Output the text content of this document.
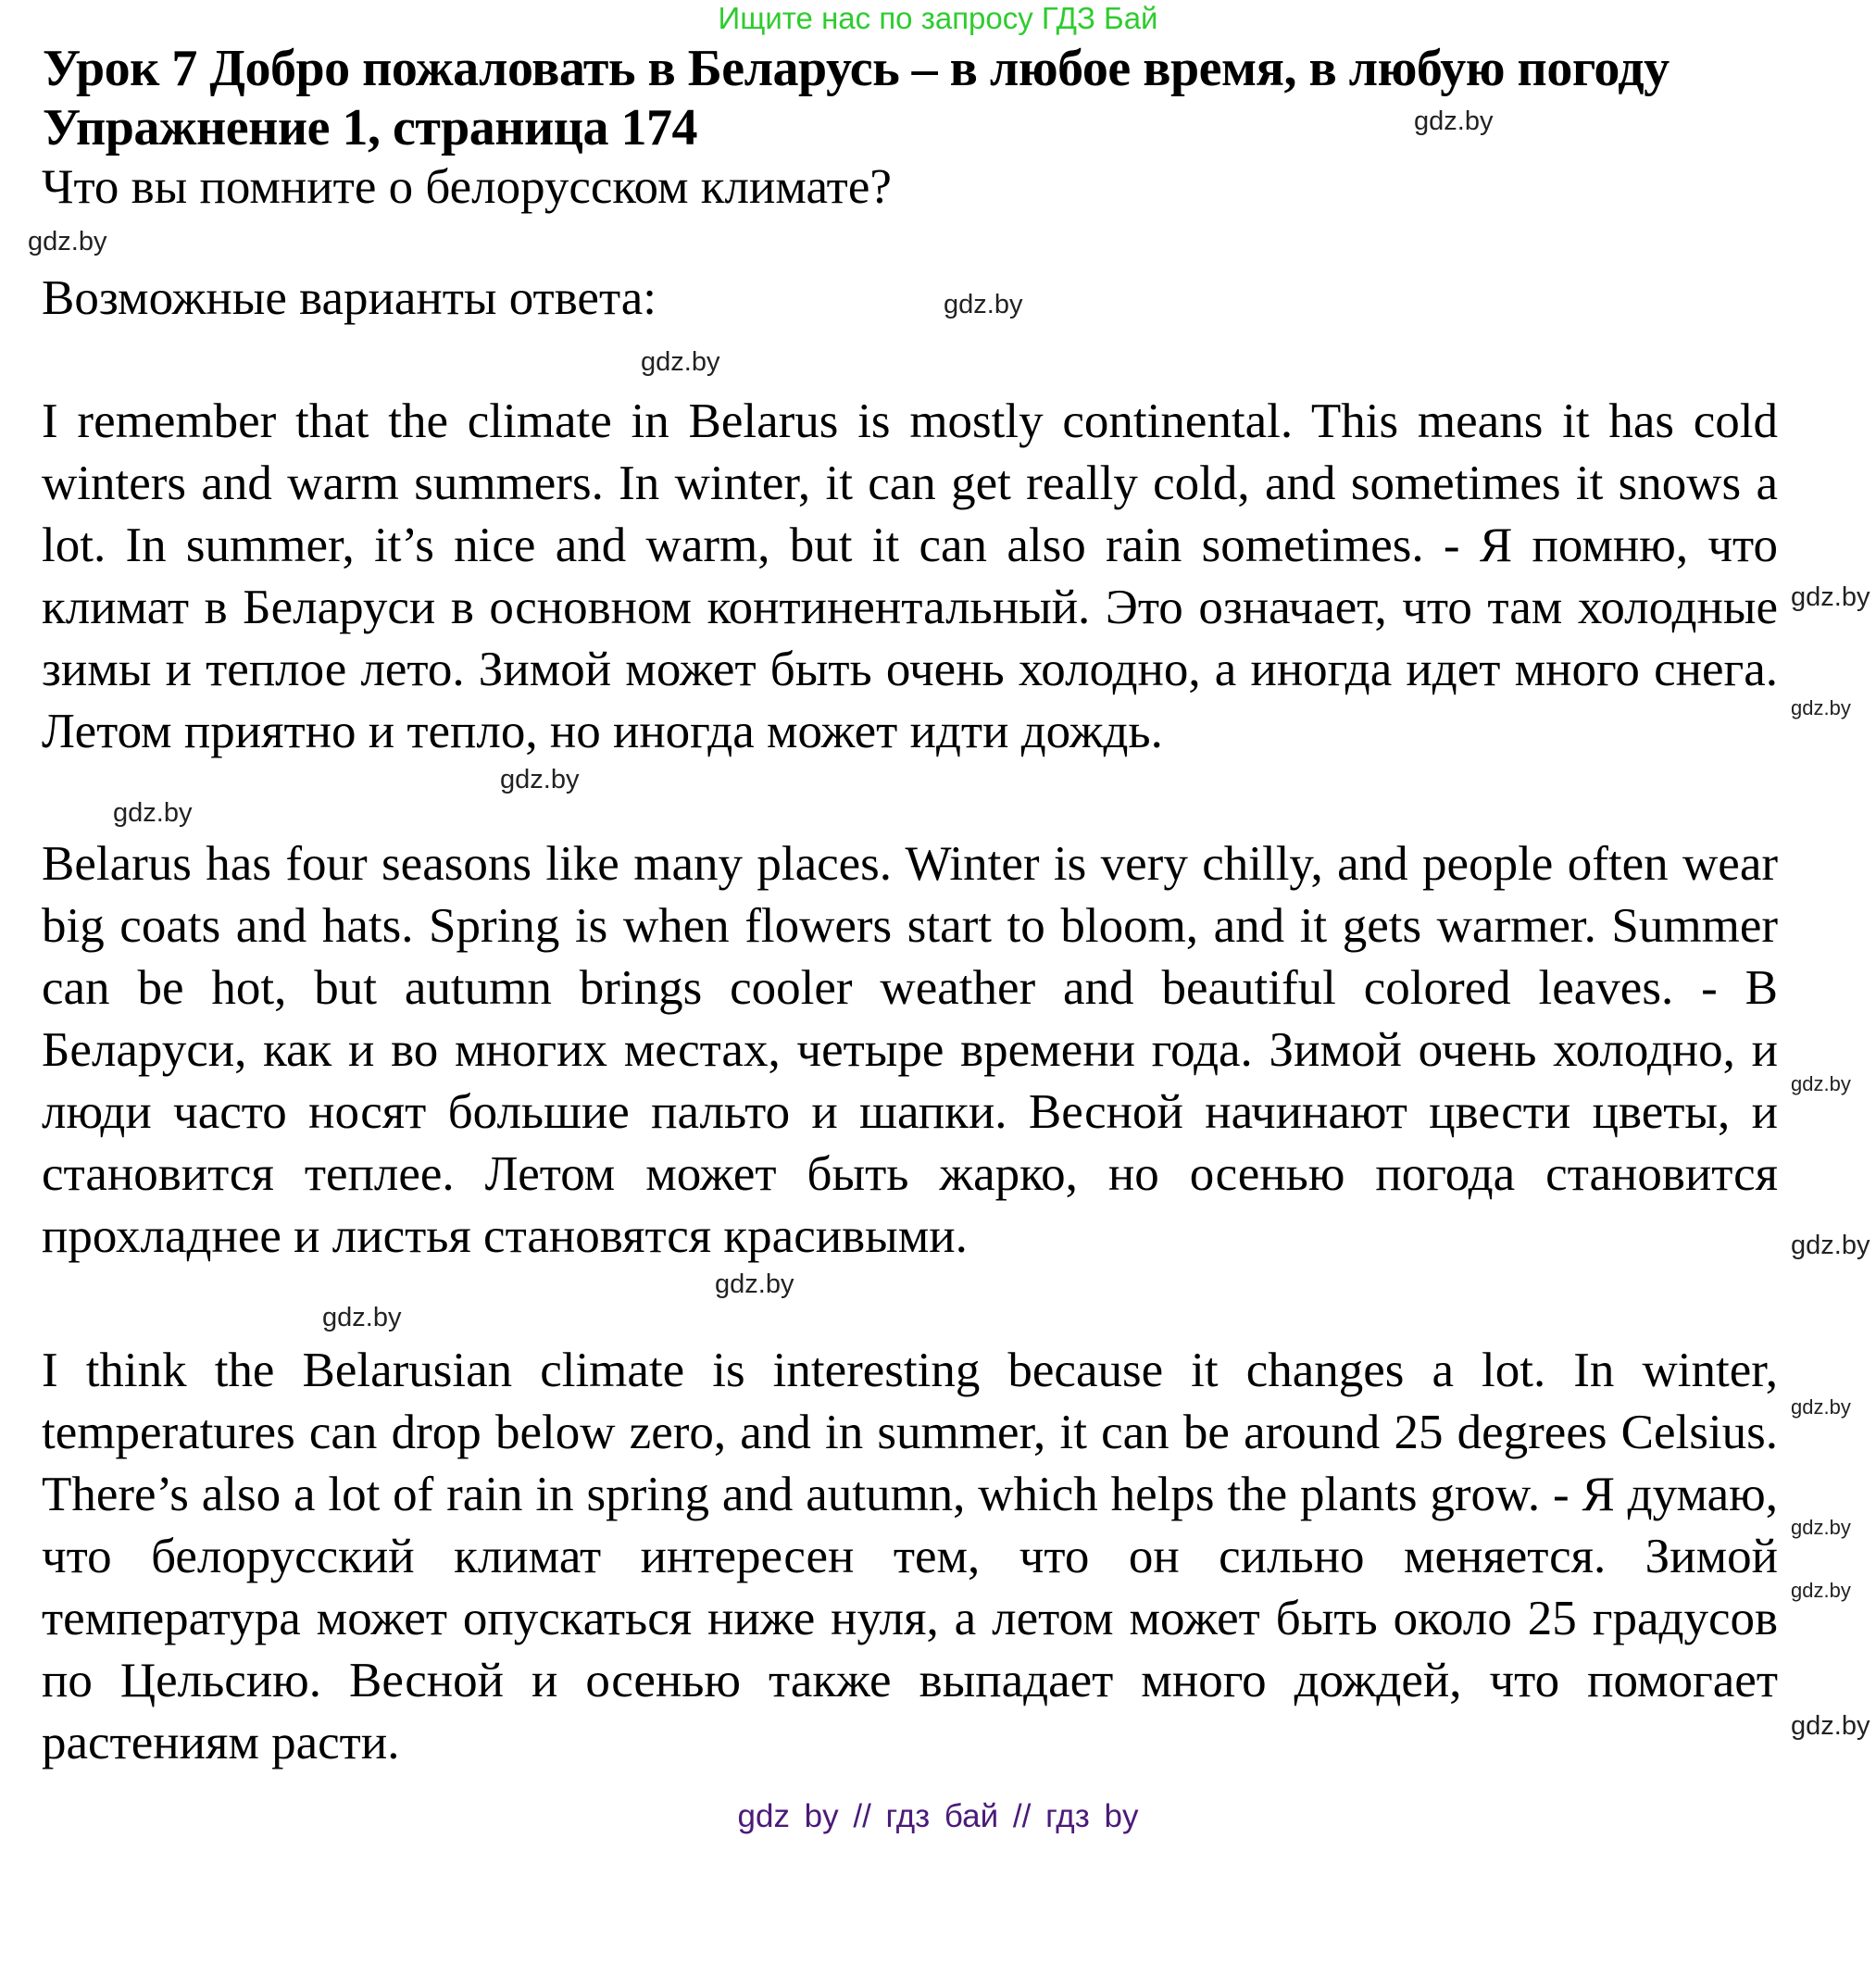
Ищите нас по запросу ГДЗ Бай
Урок 7 Добро пожаловать в Беларусь – в любое время, в любую погоду
Упражнение 1, страница 174	gdz.by
Что вы помните о белорусском климате?
gdz.by
Возможные варианты ответа:	gdz.by
gdz.by
I remember that the climate in Belarus is mostly continental. This means it has cold winters and warm summers. In winter, it can get really cold, and sometimes it snows a lot. In summer, it’s nice and warm, but it can also rain sometimes. - Я помню, что климат в Беларуси в основном континентальный. Это означает, что там холодные зимы и теплое лето. Зимой может быть очень холодно, а иногда идет много снега. Летом приятно и тепло, но иногда может идти дождь.
gdz.by
gdz.by
gdz.by
gdz.by
Belarus has four seasons like many places. Winter is very chilly, and people often wear big coats and hats. Spring is when flowers start to bloom, and it gets warmer. Summer can be hot, but autumn brings cooler weather and beautiful colored leaves. - В Беларуси, как и во многих местах, четыре времени года. Зимой очень холодно, и люди часто носят большие пальто и шапки. Весной начинают цвести цветы, и становится теплее. Летом может быть жарко, но осенью погода становится прохладнее и листья становятся красивыми.
gdz.by
gdz.by
gdz.by
gdz.by
I think the Belarusian climate is interesting because it changes a lot. In winter, temperatures can drop below zero, and in summer, it can be around 25 degrees Celsius. There’s also a lot of rain in spring and autumn, which helps the plants grow. - Я думаю, что белорусский климат интересен тем, что он сильно меняется. Зимой температура может опускаться ниже нуля, а летом может быть около 25 градусов по Цельсию. Весной и осенью также выпадает много дождей, что помогает растениям расти.
gdz.by
gdz.by
gdz.by
gdz.by
gdz by // гдз бай // гдз by
